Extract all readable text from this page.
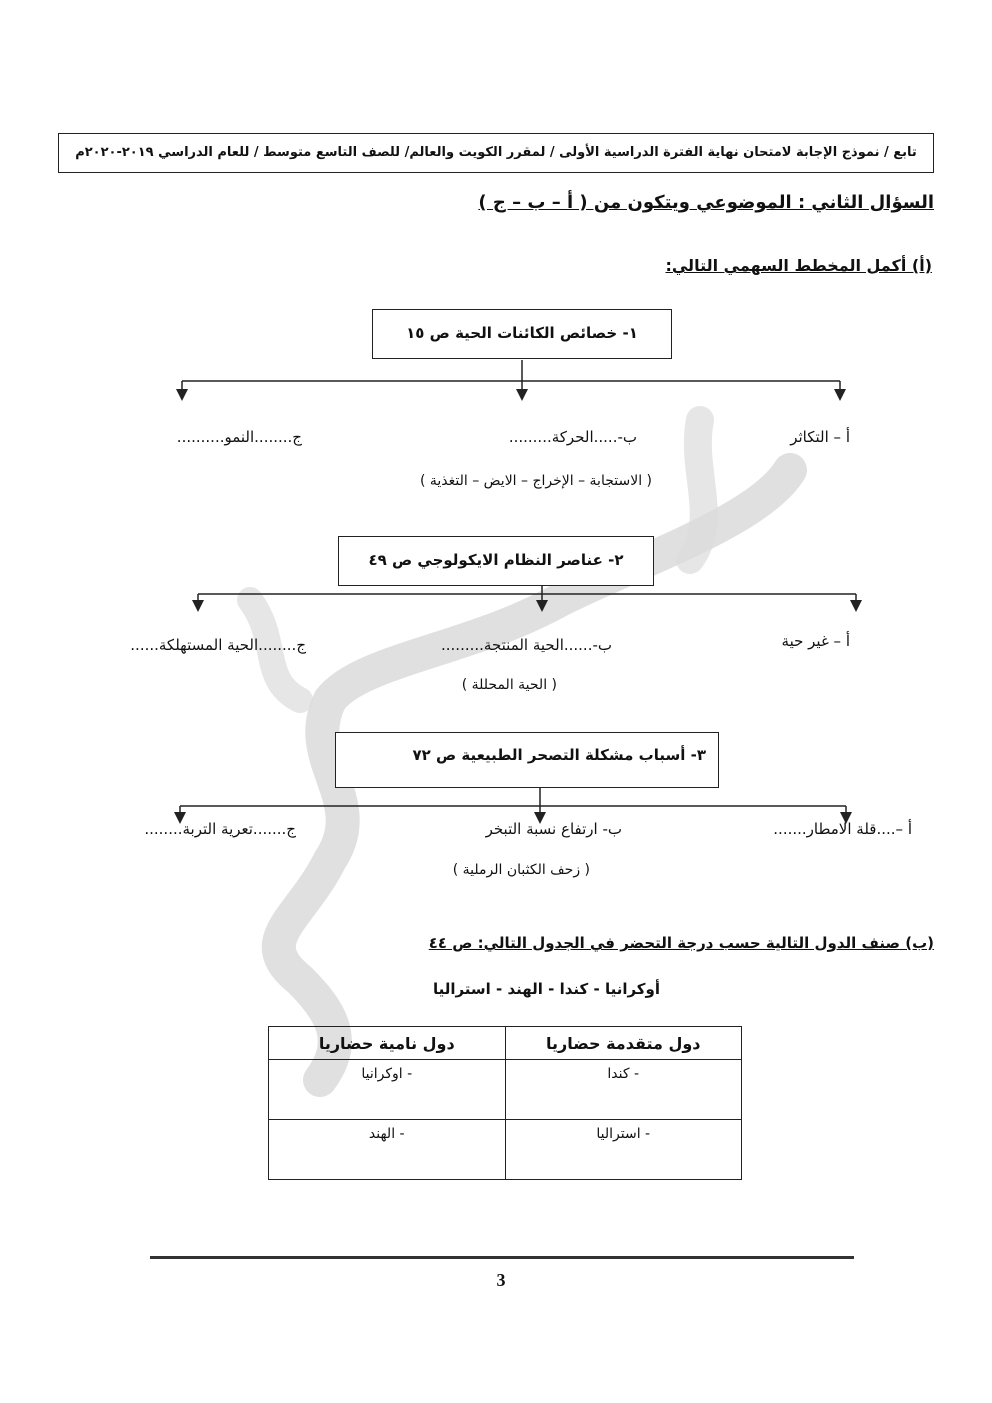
تابع / نموذج الإجابة لامتحان نهاية الفترة الدراسية الأولى / لمقرر الكويت والعالم/ للصف التاسع متوسط / للعام الدراسي ٢٠١٩-٢٠٢٠م
السؤال الثاني : الموضوعي ويتكون من ( أ – ب – ج )
(أ) أكمل المخطط السهمي التالي:
١- خصائص الكائنات الحية ص ١٥
أ – التكاثر
ب-.....الحركة.........
ج........النمو..........
( الاستجابة – الإخراج – الايض – التغذية )
٢- عناصر النظام الايكولوجي ص ٤٩
أ – غير حية
ب-......الحية المنتجة.........
ج........الحية المستهلكة......
( الحية المحللة )
٣- أسباب مشكلة التصحر الطبيعية ص ٧٢
أ –....قلة الامطار.......
ب- ارتفاع نسبة التبخر
ج.......تعرية التربة........
( زحف الكثبان الرملية )
(ب) صنف الدول التالية حسب درجة التحضر في الجدول التالي: ص ٤٤
أوكرانيا - كندا - الهند - استراليا
دول متقدمة حضاريا	دول نامية حضاريا
- كندا	- اوكرانيا
- استراليا	- الهند
3
